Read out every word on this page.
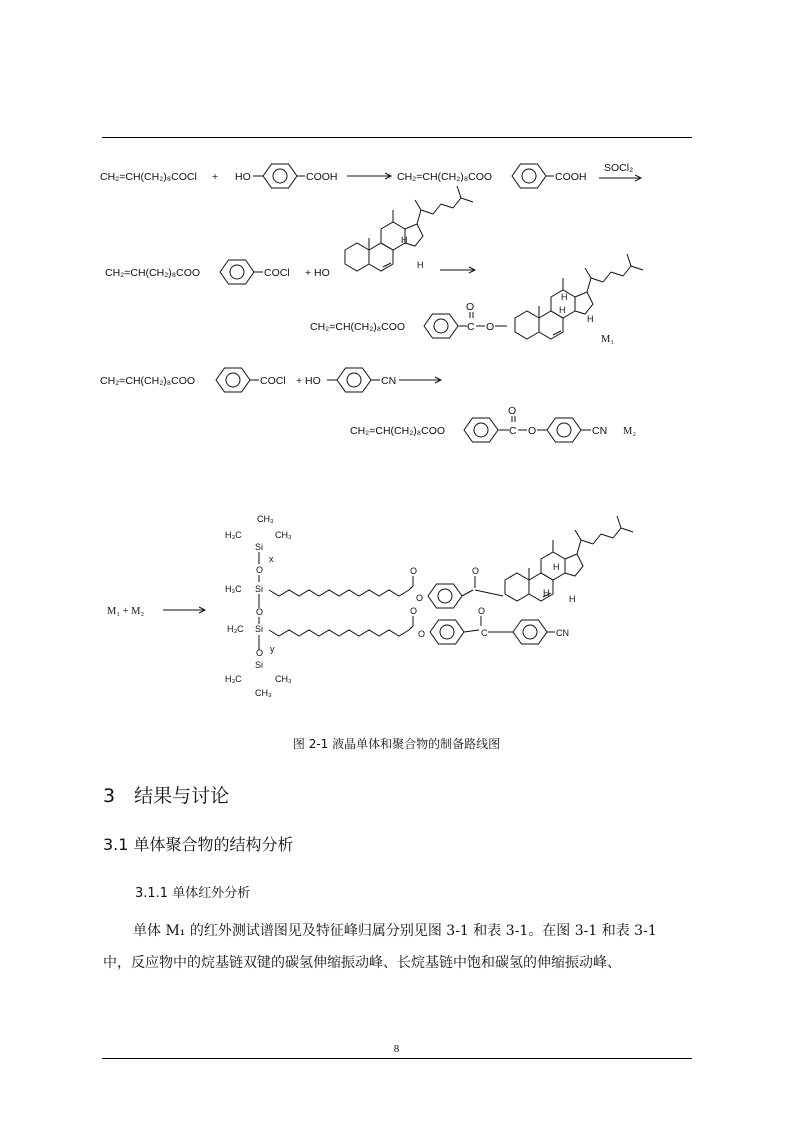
CH₂=CH(CH₂)₈COCl + HO	COOH	CH₂=CH(CH₂)₈COO	COOH
SOCl₂
CH₂=CH(CH₂)₈COO	COCl + HO
H
H
H
H
H
CH₂=CH(CH₂)₈COO	C
O
O
M₁
CH₂=CH(CH₂)₈COO	COCl + HO	CN
CH₂=CH(CH₂)₈COO	C
O
O	CN M₂
M₁ + M₂
CH₃
H₃C	CH₃
Si
x
O
H₃C Si
O
O
O	H
H
H
O
H₃C Si
O
O
O
C	CN
O y
Si
H₃C	CH₃
CH₃
图 2-1 液晶单体和聚合物的制备路线图
3　结果与讨论
3.1 单体聚合物的结构分析
3.1.1 单体红外分析
单体 M₁ 的红外测试谱图见及特征峰归属分别见图 3-1 和表 3-1。在图 3-1 和表 3-1
中，反应物中的烷基链双键的碳氢伸缩振动峰、长烷基链中饱和碳氢的伸缩振动峰、
8
